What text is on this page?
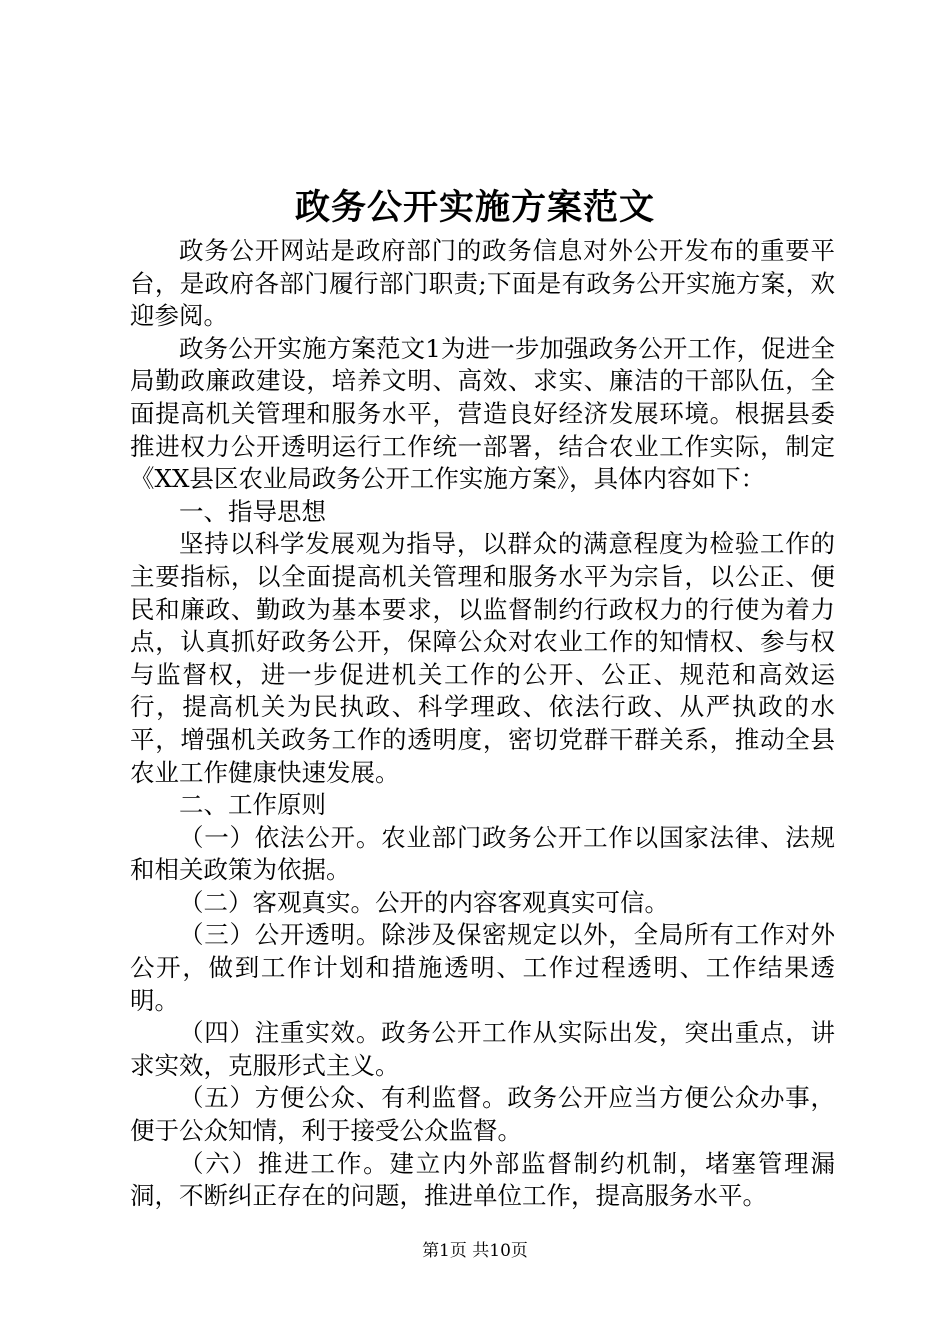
政务公开实施方案范文

政务公开网站是政府部门的政务信息对外公开发布的重要平台，是政府各部门履行部门职责;下面是有政务公开实施方案，欢迎参阅。

政务公开实施方案范文1为进一步加强政务公开工作，促进全局勤政廉政建设，培养文明、高效、求实、廉洁的干部队伍，全面提高机关管理和服务水平，营造良好经济发展环境。根据县委推进权力公开透明运行工作统一部署，结合农业工作实际，制定《XX县区农业局政务公开工作实施方案》，具体内容如下：

一、指导思想

坚持以科学发展观为指导，以群众的满意程度为检验工作的主要指标，以全面提高机关管理和服务水平为宗旨，以公正、便民和廉政、勤政为基本要求，以监督制约行政权力的行使为着力点，认真抓好政务公开，保障公众对农业工作的知情权、参与权与监督权，进一步促进机关工作的公开、公正、规范和高效运行，提高机关为民执政、科学理政、依法行政、从严执政的水平，增强机关政务工作的透明度，密切党群干群关系，推动全县农业工作健康快速发展。

二、工作原则

（一）依法公开。农业部门政务公开工作以国家法律、法规和相关政策为依据。

（二）客观真实。公开的内容客观真实可信。

（三）公开透明。除涉及保密规定以外，全局所有工作对外公开，做到工作计划和措施透明、工作过程透明、工作结果透明。

（四）注重实效。政务公开工作从实际出发，突出重点，讲求实效，克服形式主义。

（五）方便公众、有利监督。政务公开应当方便公众办事，便于公众知情，利于接受公众监督。

（六）推进工作。建立内外部监督制约机制，堵塞管理漏洞，不断纠正存在的问题，推进单位工作，提高服务水平。

第1页 共10页
